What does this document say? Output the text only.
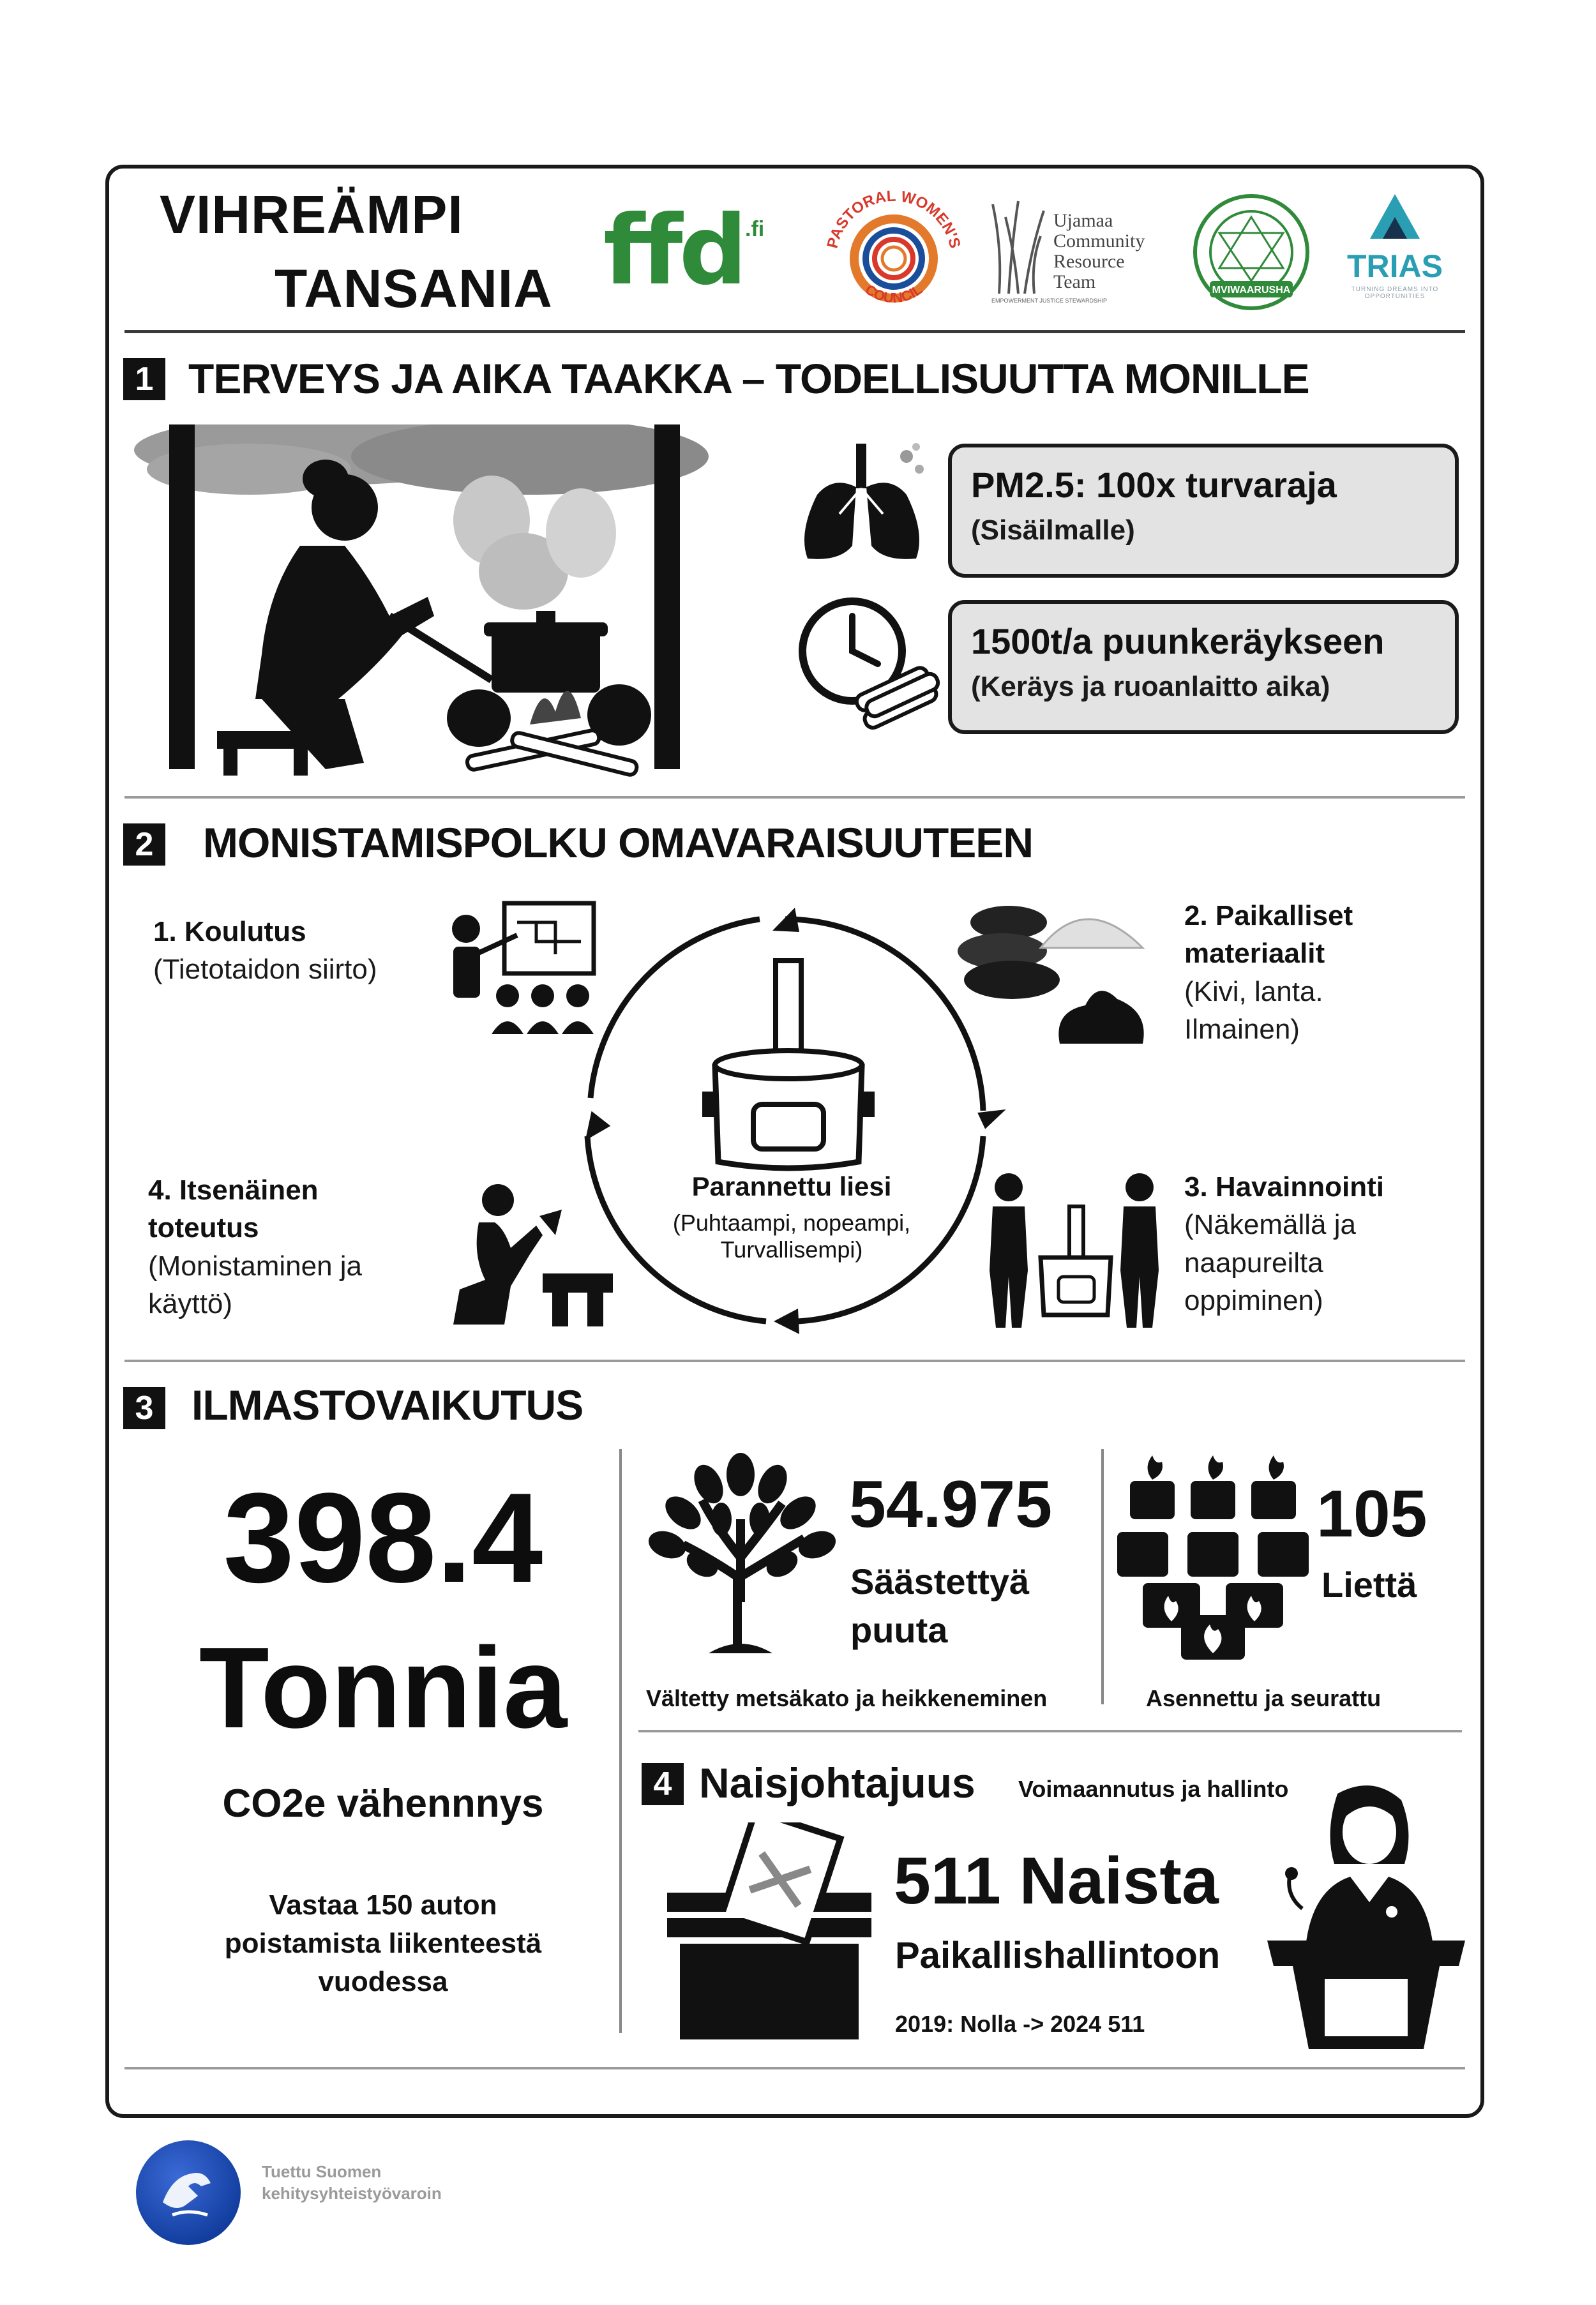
VIHREÄMPI
TANSANIA ffd .fi
PASTORAL WOMEN'S
COUNCIL
Ujamaa
Community
Resource
Team
EMPOWERMENT JUSTICE STEWARDSHIP
MVIWAARUSHA
TRIAS
TURNING DREAMS INTO OPPORTUNITIES
1 TERVEYS JA AIKA TAAKKA – TODELLISUUTTA MONILLE
PM2.5: 100x turvaraja
(Sisäilmalle)
1500t/a puunkeräykseen
(Keräys ja ruoanlaitto aika)
2 MONISTAMISPOLKU OMAVARAISUUTEEN
Parannettu liesi
(Puhtaampi, nopeampi,
Turvallisempi)
1. Koulutus
(Tietotaidon siirto)
2. Paikalliset
materiaalit
(Kivi, lanta.
Ilmainen)
3. Havainnointi
(Näkemällä ja
naapureilta
oppiminen)
4. Itsenäinen
toteutus
(Monistaminen ja
käyttö)
3 ILMASTOVAIKUTUS
398.4
Tonnia
CO2e vähennnys
Vastaa 150 auton
poistamista liikenteestä
vuodessa
54.975
Säästettyä
puuta
Vältetty metsäkato ja heikkeneminen
105
Liettä
Asennettu ja seurattu
4 Naisjohtajuus Voimaannutus ja hallinto
511 Naista
Paikallishallintoon
2019: Nolla -> 2024 511
Tuettu Suomen
kehitysyhteistyövaroin
